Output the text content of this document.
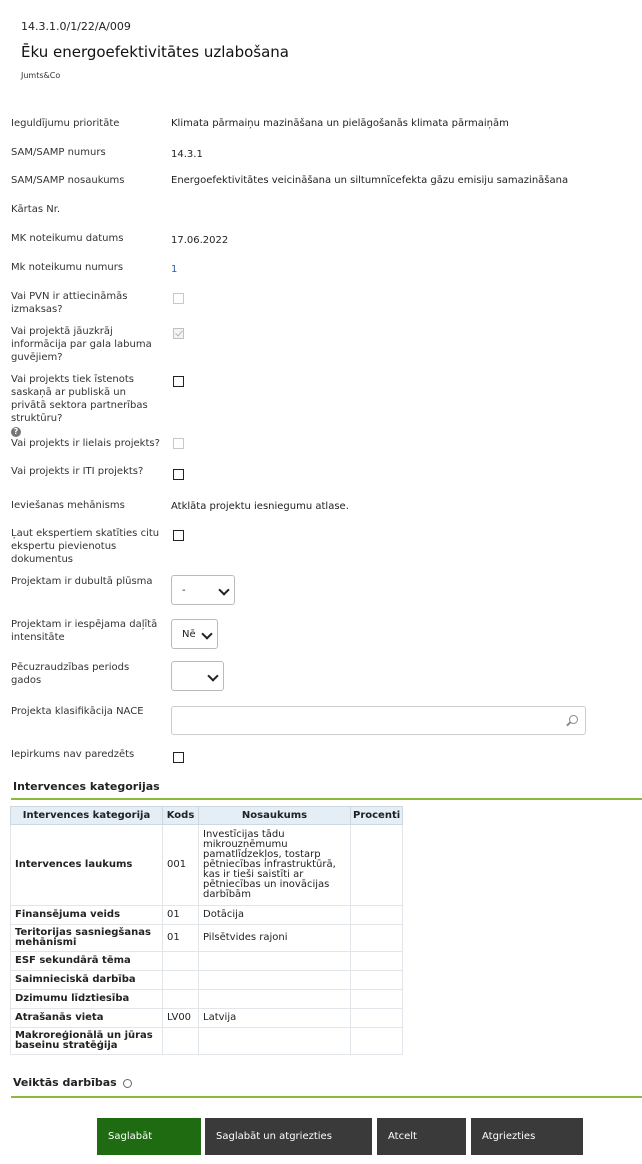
14.3.1.0/1/22/A/009
Ēku energoefektivitātes uzlabošana
Jumts&Co
Ieguldījumu prioritāte	Klimata pārmaiņu mazināšana un pielāgošanās klimata pārmaiņām
SAM/SAMP numurs	14.3.1
SAM/SAMP nosaukums	Energoefektivitātes veicināšana un siltumnīcefekta gāzu emisiju samazināšana
Kārtas Nr.
MK noteikumu datums	17.06.2022
Mk noteikumu numurs	1
Vai PVN ir attiecināmās izmaksas?
Vai projektā jāuzkrāj informācija par gala labuma guvējiem?
Vai projekts tiek īstenots saskaņā ar publiskā un privātā sektora partnerības struktūru?
?
Vai projekts ir lielais projekts?
Vai projekts ir ITI projekts?
Ieviešanas mehānisms	Atklāta projektu iesniegumu atlase.
Ļaut ekspertiem skatīties citu ekspertu pievienotus dokumentus
Projektam ir dubultā plūsma
-
Projektam ir iespējama daļītā intensitāte	Nē
Pēcuzraudzības periods gados
Projekta klasifikācija NACE
Iepirkums nav paredzēts
Intervences kategorijas
Intervences kategorija	Kods	Nosaukums	Procenti
Intervences laukums	001	Investīcijas tādu mikrouzņēmumu pamatlīdzekļos, tostarp pētniecības infrastruktūrā, kas ir tieši saistīti ar pētniecības un inovācijas darbībām	
Finansējuma veids	01	Dotācija	
Teritorijas sasniegšanas mehānismi	01	Pilsētvides rajoni	
ESF sekundārā tēma			
Saimnieciskā darbība			
Dzimumu līdztiesība			
Atrašanās vieta	LV00	Latvija	
Makroreģionālā un jūras baseinu stratēģija			
Veiktās darbības
Saglabāt	Saglabāt un atgriezties	Atcelt	Atgriezties
